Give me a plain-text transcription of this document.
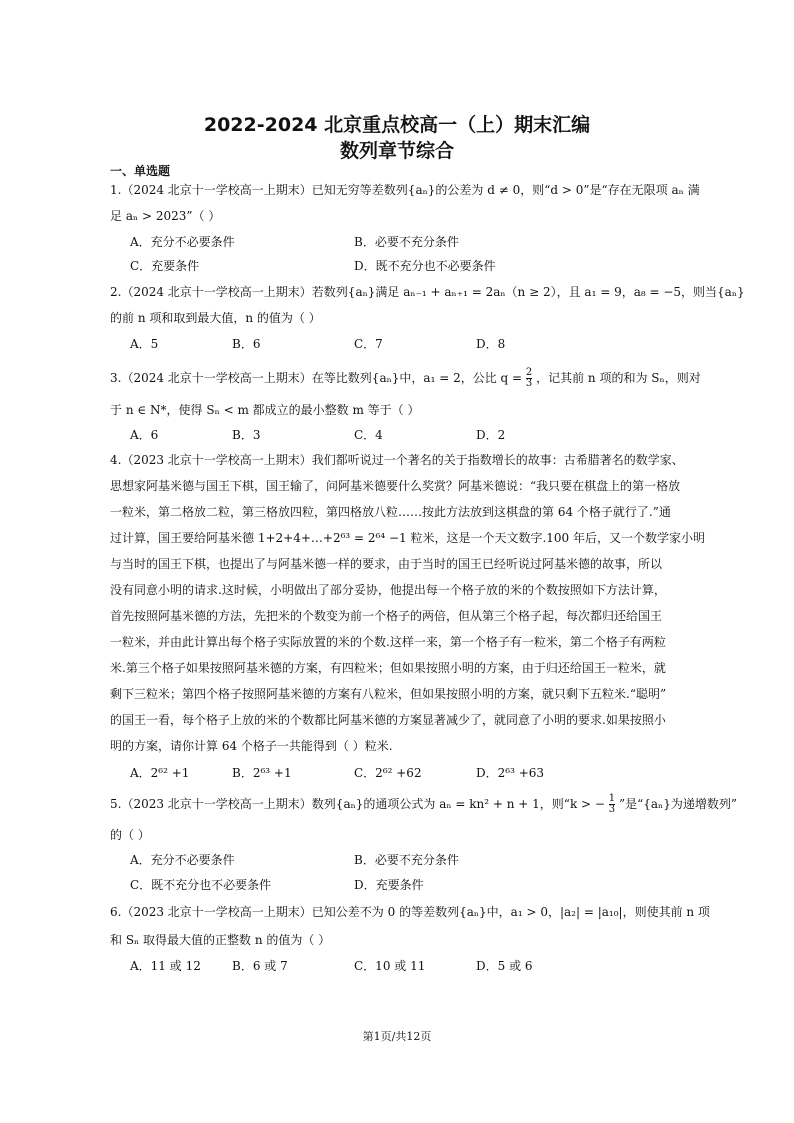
2022-2024 北京重点校高一（上）期末汇编
数列章节综合
一、单选题
1.（2024 北京十一学校高一上期末）已知无穷等差数列{aₙ}的公差为 d ≠ 0，则“d > 0”是“存在无限项 aₙ 满
足 aₙ > 2023”（ ）
A．充分不必要条件	B．必要不充分条件
C．充要条件	D．既不充分也不必要条件
2.（2024 北京十一学校高一上期末）若数列{aₙ}满足 aₙ₋₁ + aₙ₊₁ = 2aₙ（n ≥ 2），且 a₁ = 9，a₈ = −5，则当{aₙ}
的前 n 项和取到最大值，n 的值为（ ）
A．5	B．6	C．7	D．8
3.（2024 北京十一学校高一上期末）在等比数列{aₙ}中，a₁ = 2，公比 $q = \frac{2}{3}$ ，记其前 n 项的和为 Sₙ，则对
于 n ∈ N*，使得 Sₙ < m 都成立的最小整数 m 等于（ ）
A．6	B．3	C．4	D．2
4.（2023 北京十一学校高一上期末）我们都听说过一个著名的关于指数增长的故事：古希腊著名的数学家、
思想家阿基米德与国王下棋，国王输了，问阿基米德要什么奖赏？阿基米德说：“我只要在棋盘上的第一格放
一粒米，第二格放二粒，第三格放四粒，第四格放八粒……按此方法放到这棋盘的第 64 个格子就行了.”通
过计算，国王要给阿基米德 1+2+4+…+2⁶³ = 2⁶⁴ −1 粒米，这是一个天文数字.100 年后，又一个数学家小明
与当时的国王下棋，也提出了与阿基米德一样的要求，由于当时的国王已经听说过阿基米德的故事，所以
没有同意小明的请求.这时候，小明做出了部分妥协，他提出每一个格子放的米的个数按照如下方法计算，
首先按照阿基米德的方法，先把米的个数变为前一个格子的两倍，但从第三个格子起，每次都归还给国王
一粒米，并由此计算出每个格子实际放置的米的个数.这样一来，第一个格子有一粒米，第二个格子有两粒
米.第三个格子如果按照阿基米德的方案，有四粒米；但如果按照小明的方案，由于归还给国王一粒米，就
剩下三粒米；第四个格子按照阿基米德的方案有八粒米，但如果按照小明的方案，就只剩下五粒米.“聪明”
的国王一看，每个格子上放的米的个数都比阿基米德的方案显著减少了，就同意了小明的要求.如果按照小
明的方案，请你计算 64 个格子一共能得到（ ）粒米.
A．2⁶² +1	B．2⁶³ +1	C．2⁶² +62	D．2⁶³ +63
5.（2023 北京十一学校高一上期末）数列{aₙ}的通项公式为 aₙ = kn² + n + 1，则“k > − $\frac{1}{3}$ ”是“{aₙ}为递增数列”
的（ ）
A．充分不必要条件	B．必要不充分条件
C．既不充分也不必要条件	D．充要条件
6.（2023 北京十一学校高一上期末）已知公差不为 0 的等差数列{aₙ}中，a₁ > 0，|a₂| = |a₁₀|，则使其前 n 项
和 Sₙ 取得最大值的正整数 n 的值为（ ）
A．11 或 12	B．6 或 7	C．10 或 11	D．5 或 6
第1页/共12页
